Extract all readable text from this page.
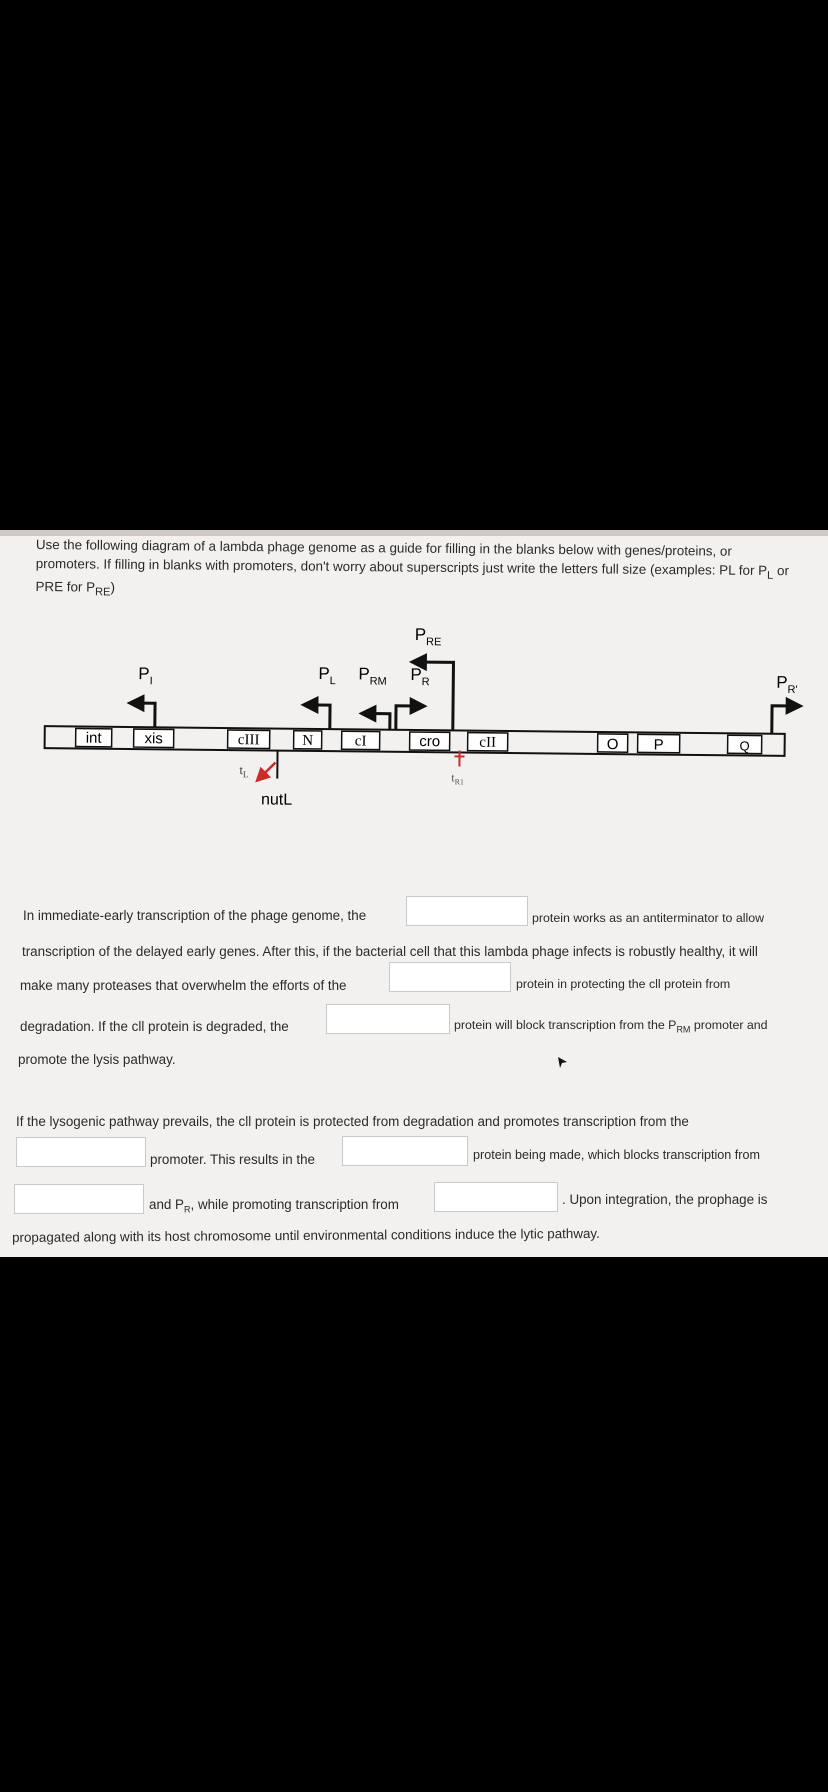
Use the following diagram of a lambda phage genome as a guide for filling in the blanks below with genes/proteins, or
promoters. If filling in blanks with promoters, don't worry about superscripts just write the letters full size (examples: PL for $P_L$ or
PRE for $P_{RE}$)
int	xis	cIII	N	cI	cro	cII	O P	Q
$P_I$	$P_L$ $P_{RM}$ $P_R$
$P_{RE}$
$P_{R'}$
$t_L$
nutL
$t_{R1}$
In immediate-early transcription of the phage genome, the	protein works as an antiterminator to allow
transcription of the delayed early genes. After this, if the bacterial cell that this lambda phage infects is robustly healthy, it will
make many proteases that overwhelm the efforts of the	protein in protecting the cll protein from
degradation. If the cll protein is degraded, the	protein will block transcription from the $P_{RM}$ promoter and
promote the lysis pathway.
If the lysogenic pathway prevails, the cll protein is protected from degradation and promotes transcription from the
promoter. This results in the	protein being made, which blocks transcription from
and $P_R$, while promoting transcription from	. Upon integration, the prophage is
propagated along with its host chromosome until environmental conditions induce the lytic pathway.
